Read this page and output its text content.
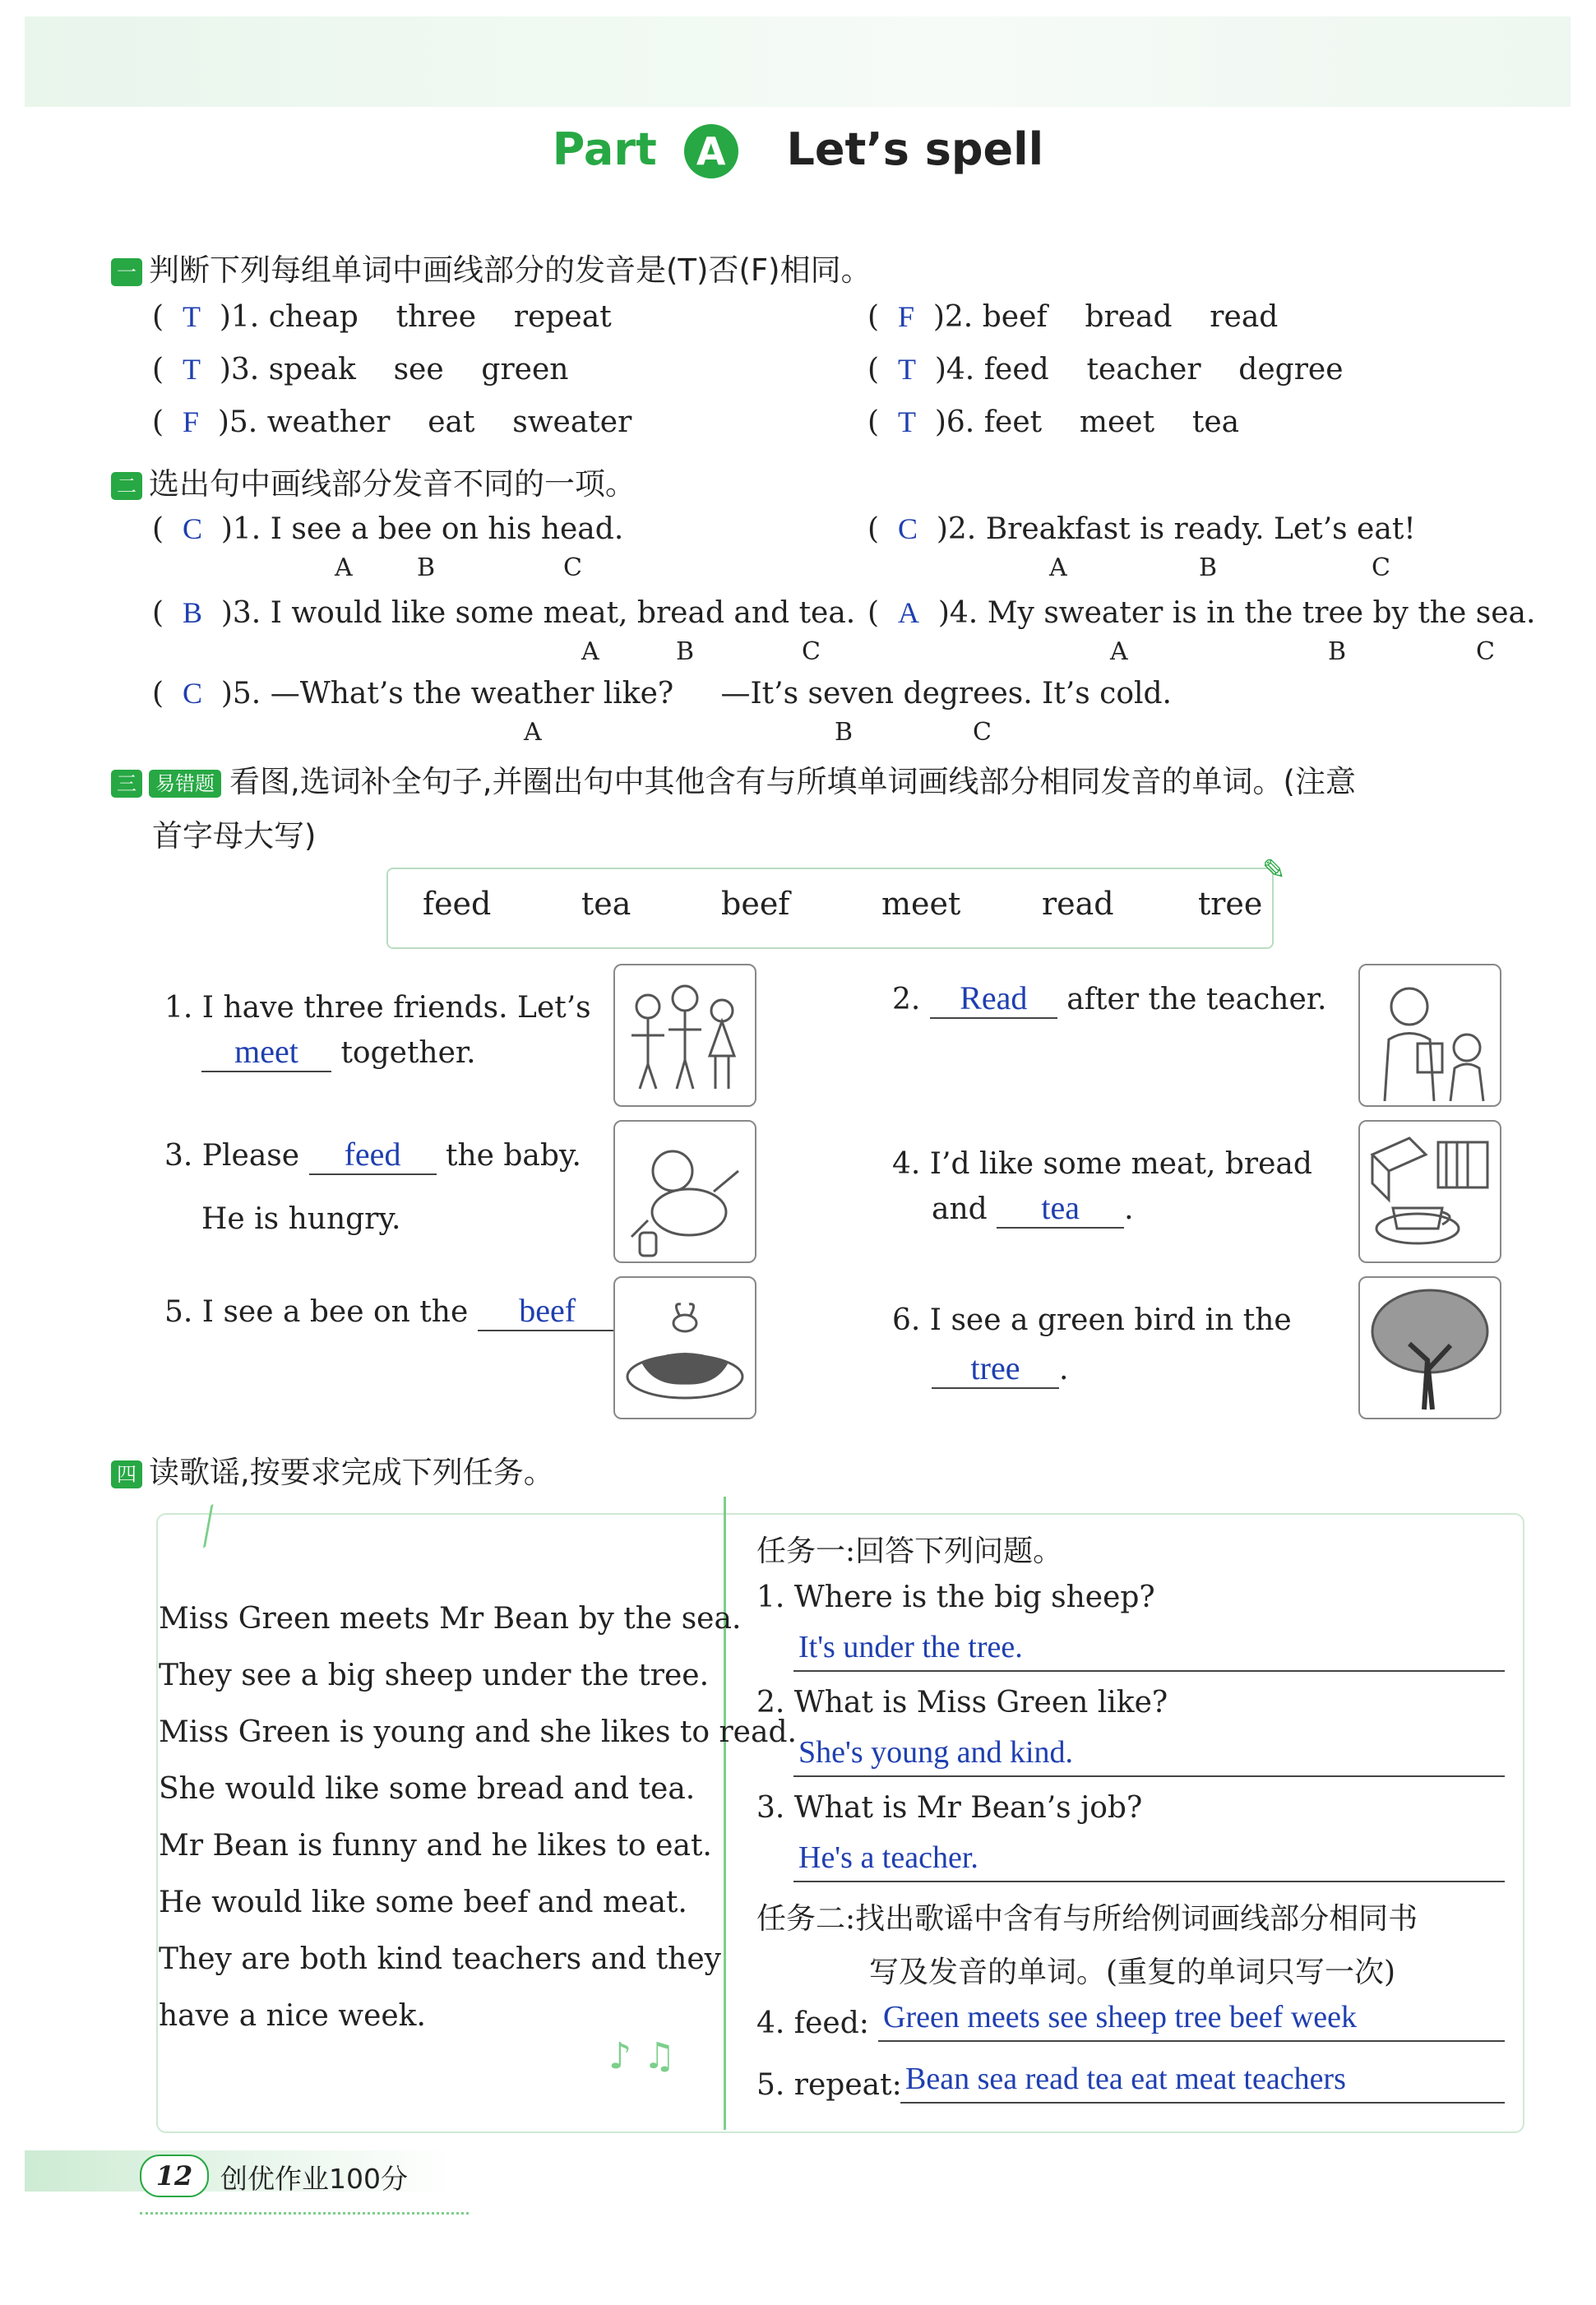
Part A Let’s spell
一 判断下列每组单词中画线部分的发音是(T)否(F)相同。
(  T )1. cheap    three    repeat	(  F )2. beef    bread    read
(  T )3. speak    see    green	(  T )4. feed    teacher    degree
(  F )5. weather    eat    sweater	(  T )6. feet    meet    tea
二 选出句中画线部分发音不同的一项。
(  C )1. I see a bee on his head.
A	B	C
(  C )2. Breakfast is ready. Let’s eat!
A	B	C
(  B )3. I would like some meat, bread and tea.
A	B	C
(  A )4. My sweater is in the tree by the sea.
A	B	C
(  C )5. —What’s the weather like?     —It’s seven degrees. It’s cold.
A	B	C
三 易错题 看图,选词补全句子,并圈出句中其他含有与所填单词画线部分相同发音的单词。(注意
首字母大写)
feed	tea	beef	meet	read	tree
✎
1. I have three friends. Let’s
meet together.
2. Read after the teacher.
3. Please feed the baby.
He is hungry.
4. I’d like some meat, bread
and tea .
5. I see a bee on the beef	6. I see a green bird in the
tree .
四 读歌谣,按要求完成下列任务。
⟋
Miss Green meets Mr Bean by the sea.
They see a big sheep under the tree.
Miss Green is young and she likes to read.
She would like some bread and tea.
Mr Bean is funny and he likes to eat.
He would like some beef and meat.
They are both kind teachers and they
have a nice week.
♪ ♫
任务一:回答下列问题。
1. Where is the big sheep?
It's under the tree.
2. What is Miss Green like?
She's young and kind.
3. What is Mr Bean’s job?
He's a teacher.
任务二:找出歌谣中含有与所给例词画线部分相同书
写及发音的单词。(重复的单词只写一次)
4. feed: Green meets see sheep tree beef week
5. repeat: Bean sea read tea eat meat teachers
12	创优作业100分
